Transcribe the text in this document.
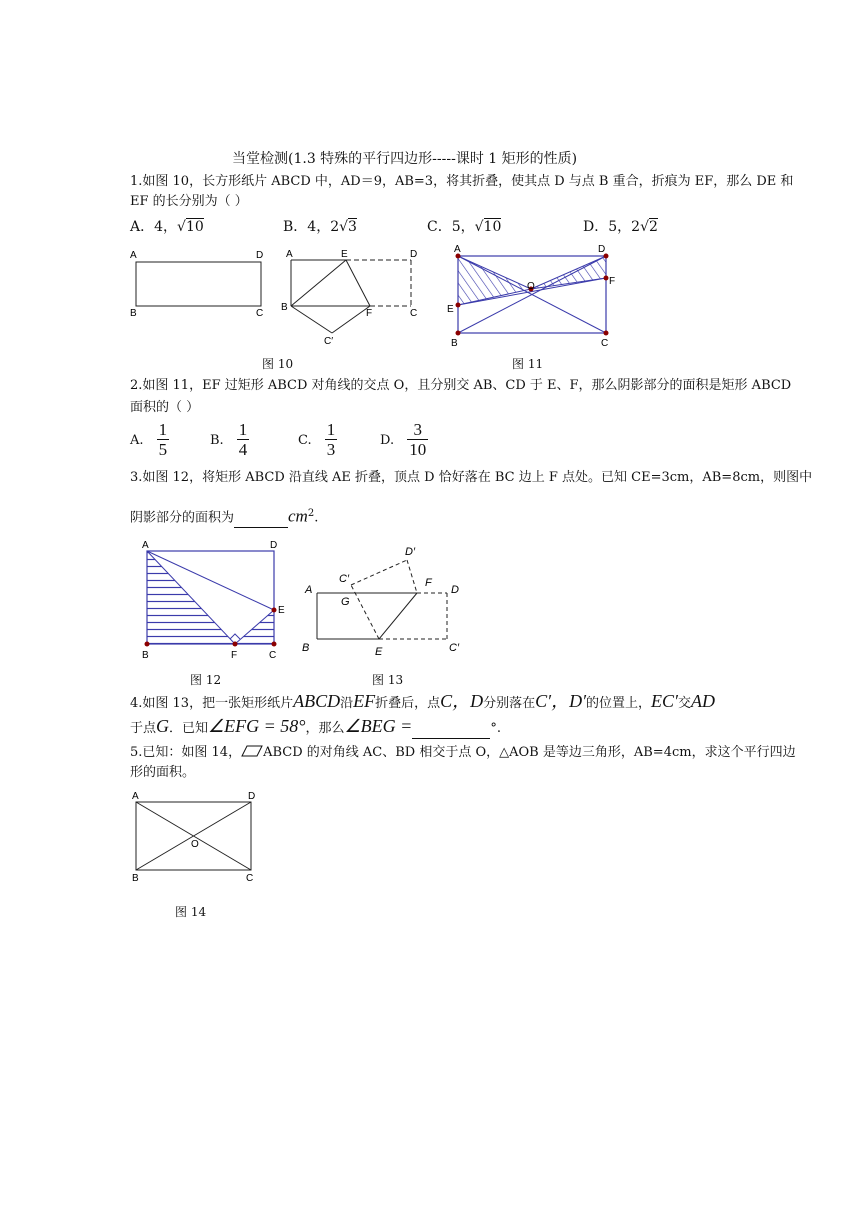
当堂检测(1.3 特殊的平行四边形-----课时 1 矩形的性质)
1.如图 10，长方形纸片 ABCD 中，AD＝9，AB=3，将其折叠，使其点 D 与点 B 重合，折痕为 EF，那么 DE 和
EF 的长分别为（ ）
A．4，√10	B．4，2√3	C．5，√10	D．5，2√2
A	D
B	C
A	E	D
B
F	C
C′
A	D
F
O
E
B	C
图 10	图 11
2.如图 11，EF 过矩形 ABCD 对角线的交点 O，且分别交 AB、CD 于 E、F，那么阴影部分的面积是矩形 ABCD
面积的（ ）
A. $\frac{1}{5}$	B. $\frac{1}{4}$	C. $\frac{1}{3}$	D. $\frac{3}{10}$
3.如图 12，将矩形 ABCD 沿直线 AE 折叠，顶点 D 恰好落在 BC 边上 F 点处。已知 CE=3cm，AB=8cm，则图中
阴影部分的面积为	$cm^2$.
A	D
E
B	F	C
D′
C′	F
A
G
D
B	E	C′
图 12	图 13
4.如图 13，把一张矩形纸片ABCD沿EF折叠后，点C，D分别落在C′，D′的位置上，EC′交AD
于点G．已知∠EFG = 58°，那么∠BEG =	°.
5.已知：如图 14， ABCD 的对角线 AC、BD 相交于点 O，△AOB 是等边三角形，AB=4cm，求这个平行四边
形的面积。
A	D
O
B	C
图 14
